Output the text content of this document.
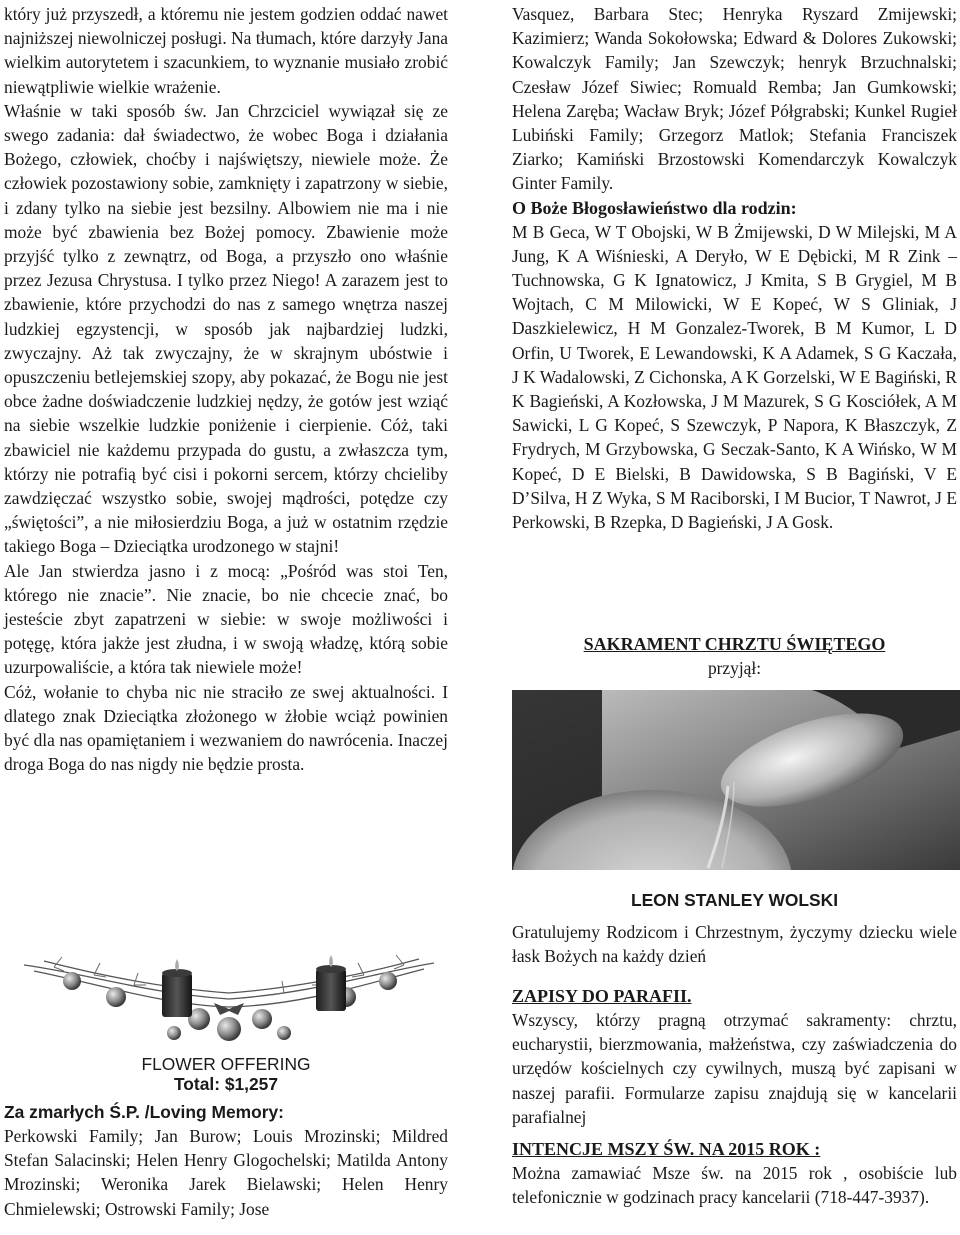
który już przyszedł, a któremu nie jestem godzien oddać nawet najniższej niewolniczej posługi. Na tłumach, które darzyły Jana wielkim autorytetem i szacunkiem, to wyznanie musiało zrobić niewątpliwie wielkie wrażenie.

Właśnie w taki sposób św. Jan Chrzciciel wywiązał się ze swego zadania: dał świadectwo, że wobec Boga i działania Bożego, człowiek, choćby i najświętszy, niewiele może. Że człowiek pozostawiony sobie, zamknięty i zapatrzony w siebie, i zdany tylko na siebie jest bezsilny. Albowiem nie ma i nie może być zbawienia bez Bożej pomocy. Zbawienie może przyjść tylko z zewnątrz, od Boga, a przyszło ono właśnie przez Jezusa Chrystusa. I tylko przez Niego! A zarazem jest to zbawienie, które przychodzi do nas z samego wnętrza naszej ludzkiej egzystencji, w sposób jak najbardziej ludzki, zwyczajny. Aż tak zwyczajny, że w skrajnym ubóstwie i opuszczeniu betlejemskiej szopy, aby pokazać, że Bogu nie jest obce żadne doświadczenie ludzkiej nędzy, że gotów jest wziąć na siebie wszelkie ludzkie poniżenie i cierpienie. Cóż, taki zbawiciel nie każdemu przypada do gustu, a zwłaszcza tym, którzy nie potrafią być cisi i pokorni sercem, którzy chcieliby zawdzięczać wszystko sobie, swojej mądrości, potędze czy „świętości”, a nie miłosierdziu Boga, a już w ostatnim rzędzie takiego Boga – Dzieciątka urodzonego w stajni!

Ale Jan stwierdza jasno i z mocą: „Pośród was stoi Ten, którego nie znacie”. Nie znacie, bo nie chcecie znać, bo jesteście zbyt zapatrzeni w siebie: w swoje możliwości i potęgę, która jakże jest złudna, i w swoją władzę, którą sobie uzurpowaliście, a która tak niewiele może!

Cóż, wołanie to chyba nic nie straciło ze swej aktualności. I dlatego znak Dzieciątka złożonego w żłobie wciąż powinien być dla nas opamiętaniem i wezwaniem do nawrócenia. Inaczej droga Boga do nas nigdy nie będzie prosta.

FLOWER OFFERING
Total: $1,257
Za zmarłych Ś.P. /Loving Memory:

Perkowski Family; Jan Burow; Louis Mrozinski; Mildred Stefan Salacinski; Helen Henry Glogochelski; Matilda Antony Mrozinski; Weronika Jarek Bielawski; Helen Henry Chmielewski; Ostrowski Family; Jose

Vasquez, Barbara Stec; Henryka Ryszard Zmijewski; Kazimierz; Wanda Sokołowska; Edward & Dolores Zukowski; Kowalczyk Family; Jan Szewczyk; henryk Brzuchnalski; Czesław Józef Siwiec; Romuald Remba; Jan Gumkowski; Helena Zaręba; Wacław Bryk; Józef Półgrabski; Kunkel Rugieł Lubiński Family; Grzegorz Matlok; Stefania Franciszek Ziarko; Kamiński Brzostowski Komendarczyk Kowalczyk Ginter Family.

O Boże Błogosławieństwo dla rodzin:

M B Geca, W T Obojski, W B Żmijewski, D W Milejski, M A Jung, K A Wiśnieski, A Deryło, W E Dębicki, M R Zink –Tuchnowska, G K Ignatowicz, J Kmita, S B Grygiel, M B Wojtach, C M Milowicki, W E Kopeć, W S Gliniak, J Daszkielewicz, H M Gonzalez-Tworek, B M Kumor, L D Orfin, U Tworek, E Lewandowski, K A Adamek, S G Kaczała, J K Wadalowski, Z Cichonska, A K Gorzelski, W E Bagiński, R K Bagieński, A Kozłowska, J M Mazurek, S G Kosciółek, A M Sawicki, L G Kopeć, S Szewczyk, P Napora, K Błaszczyk, Z Frydrych, M Grzybowska, G Seczak-Santo, K A Wińsko, W M Kopeć, D E Bielski, B Dawidowska, S B Bagiński, V E D’Silva, H Z Wyka, S M Raciborski, I M Bucior, T Nawrot, J E Perkowski, B Rzepka, D Bagieński, J A Gosk.

SAKRAMENT CHRZTU ŚWIĘTEGO
przyjął:
LEON STANLEY WOLSKI

Gratulujemy Rodzicom i Chrzestnym, życzymy dziecku wiele łask Bożych na każdy dzień

ZAPISY DO PARAFII.

Wszyscy, którzy pragną otrzymać sakramenty: chrztu, eucharystii, bierzmowania, małżeństwa, czy zaświadczenia do urzędów kościelnych czy cywilnych, muszą być zapisani w naszej parafii. Formularze zapisu znajdują się w kancelarii parafialnej

INTENCJE MSZY ŚW. NA 2015 ROK :

Można zamawiać Msze św. na 2015 rok , osobiście lub telefonicznie w godzinach pracy kancelarii (718-447-3937).
